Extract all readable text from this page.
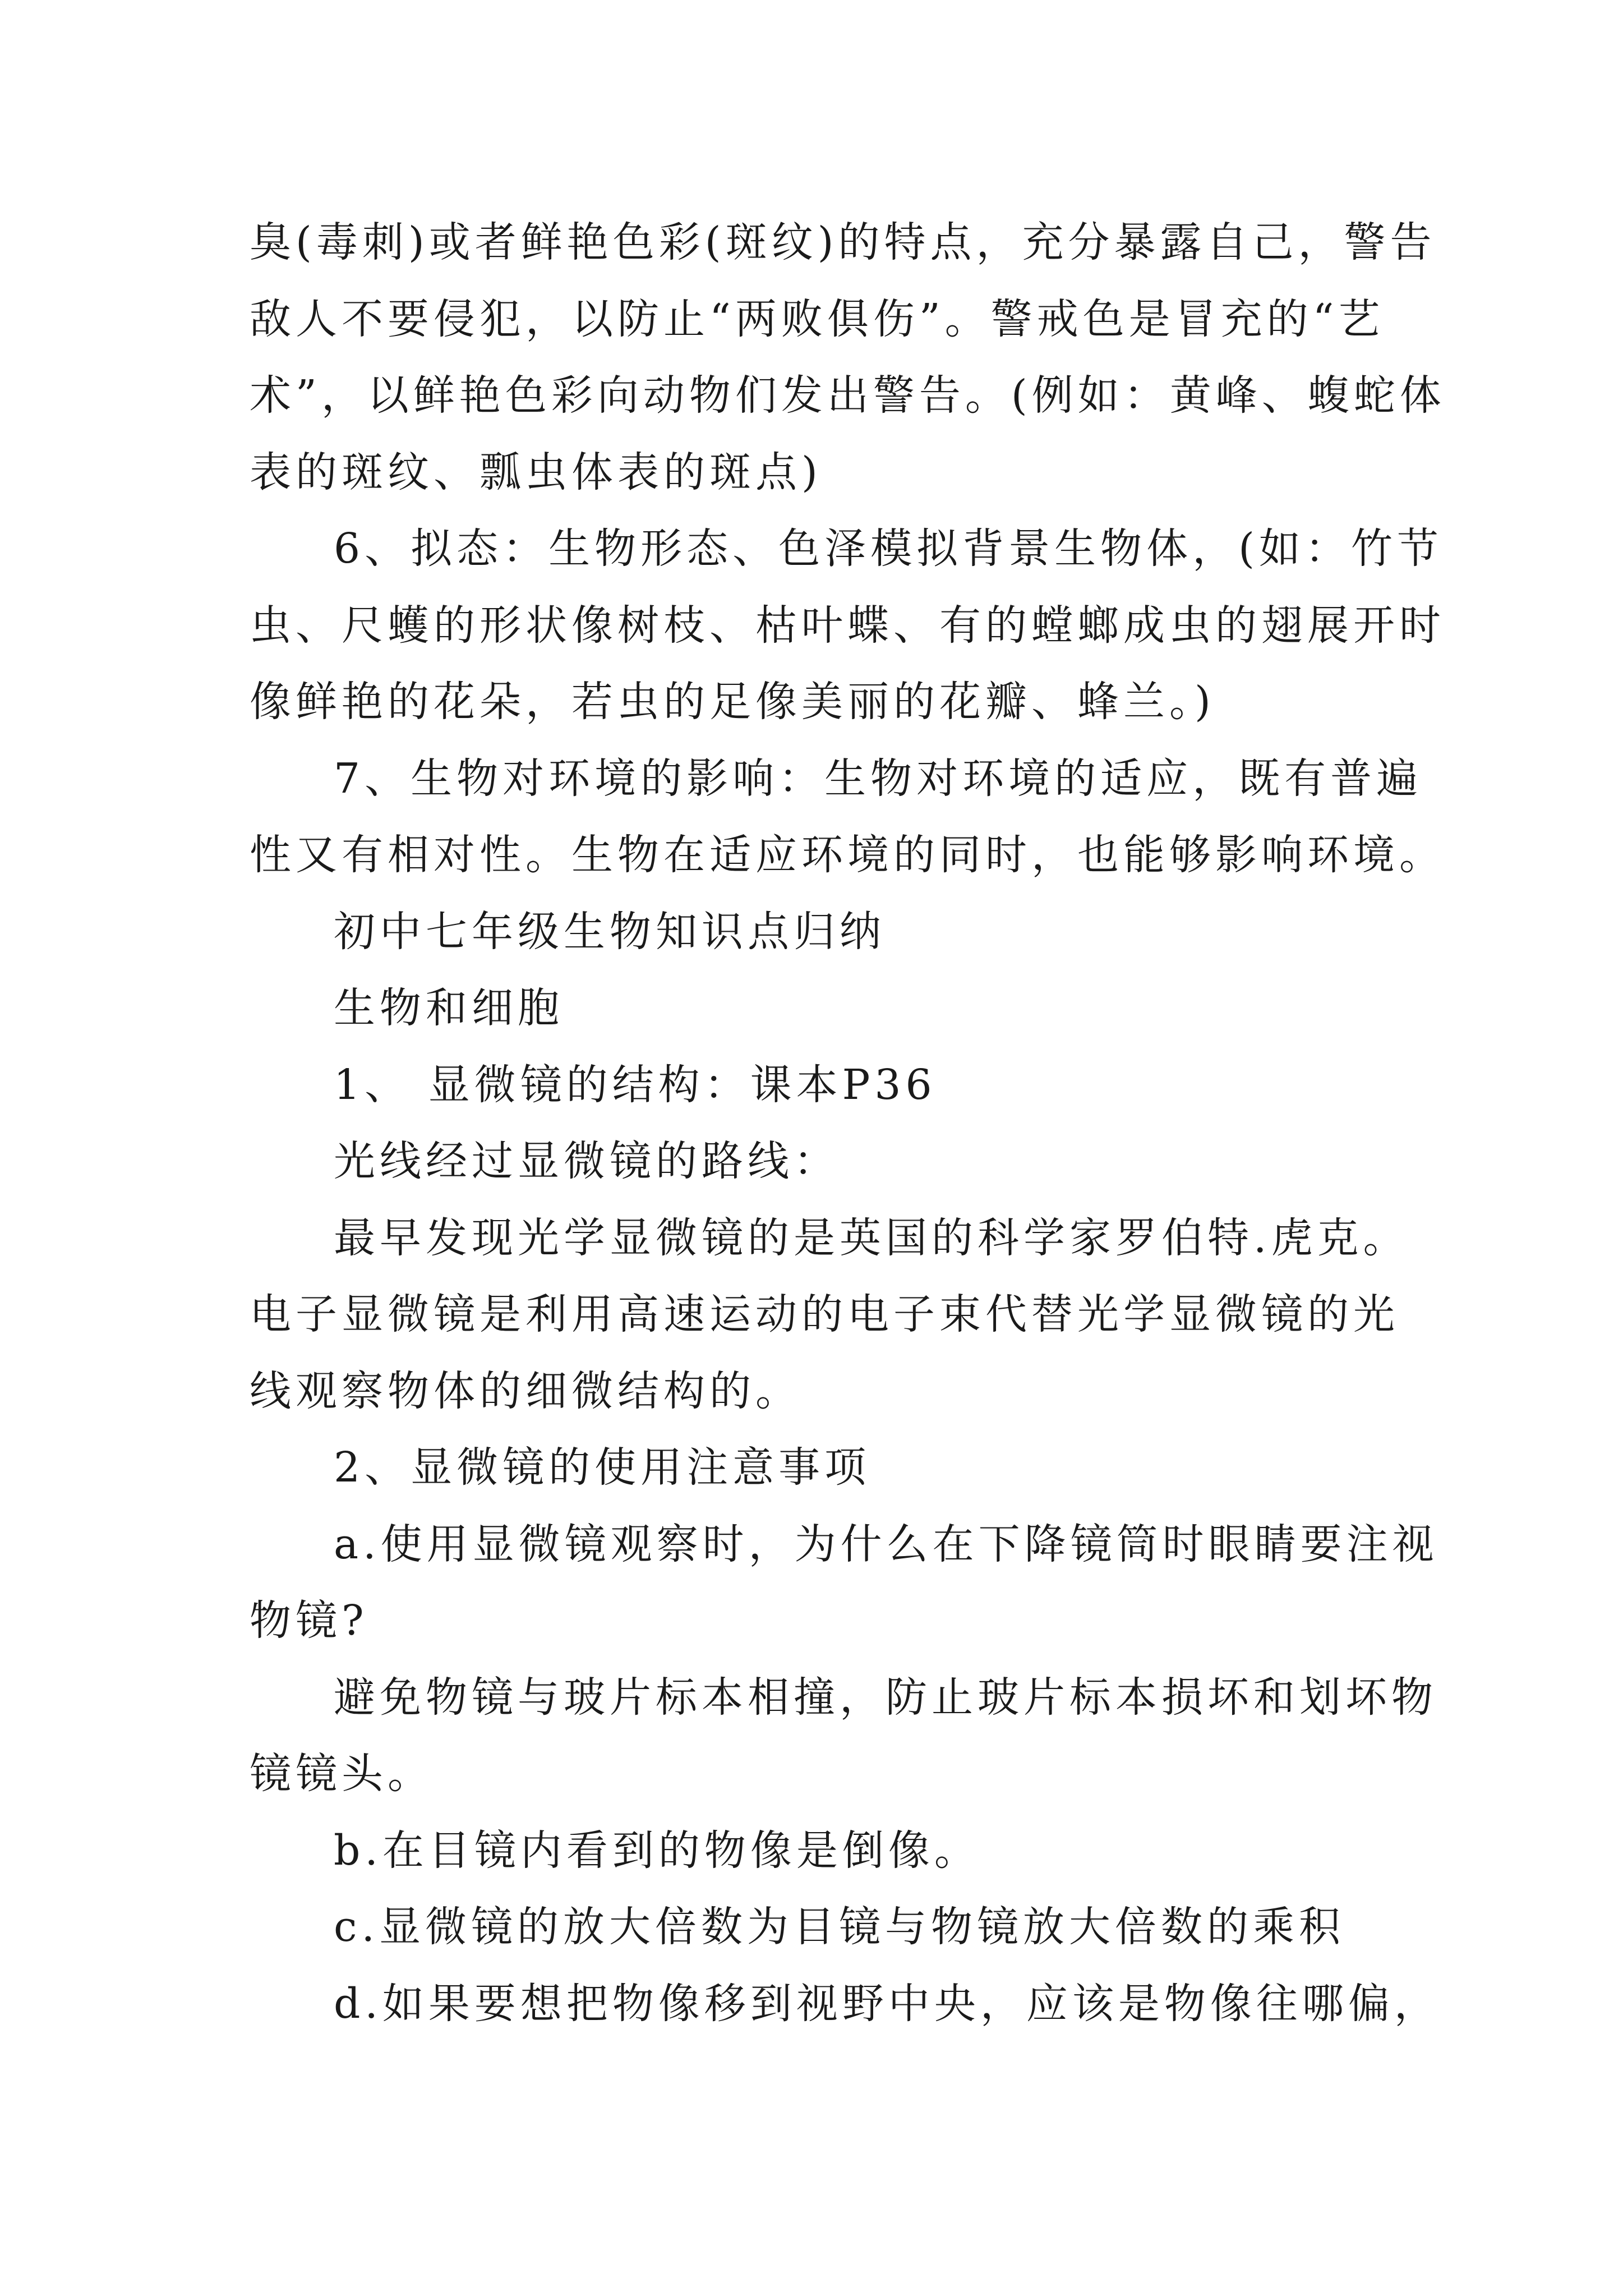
臭(毒刺)或者鲜艳色彩(斑纹)的特点，充分暴露自己，警告
敌人不要侵犯，以防止“两败俱伤”。警戒色是冒充的“艺
术”，以鲜艳色彩向动物们发出警告。(例如：黄峰、蝮蛇体
表的斑纹、瓢虫体表的斑点)
6、拟态：生物形态、色泽模拟背景生物体，(如：竹节
虫、尺蠖的形状像树枝、枯叶蝶、有的螳螂成虫的翅展开时
像鲜艳的花朵，若虫的足像美丽的花瓣、蜂兰。)
7、生物对环境的影响：生物对环境的适应，既有普遍
性又有相对性。生物在适应环境的同时，也能够影响环境。
初中七年级生物知识点归纳
生物和细胞
1、 显微镜的结构：课本P36
光线经过显微镜的路线：
最早发现光学显微镜的是英国的科学家罗伯特.虎克。
电子显微镜是利用高速运动的电子束代替光学显微镜的光
线观察物体的细微结构的。
2、显微镜的使用注意事项
a.使用显微镜观察时，为什么在下降镜筒时眼睛要注视
物镜?
避免物镜与玻片标本相撞，防止玻片标本损坏和划坏物
镜镜头。
b.在目镜内看到的物像是倒像。
c.显微镜的放大倍数为目镜与物镜放大倍数的乘积
d.如果要想把物像移到视野中央，应该是物像往哪偏，
